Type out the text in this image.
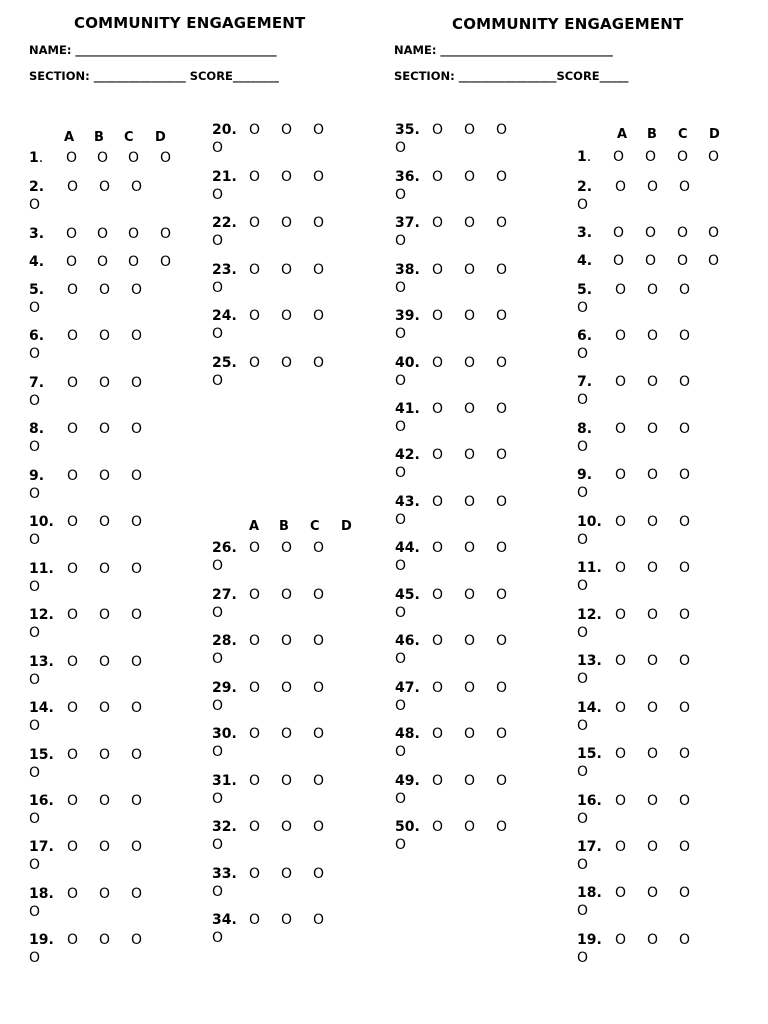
COMMUNITY ENGAGEMENT
NAME: ___________________________________
SECTION: ________________ SCORE________
COMMUNITY ENGAGEMENT
NAME: ______________________________
SECTION: _________________SCORE_____
A B C D
A B C D
A B C D
1. O O O O
2. O O O
O
3. O O O O
4. O O O O
5. O O O
O
6. O O O
O
7. O O O
O
8. O O O
O
9. O O O
O
10. O O O
O
11. O O O
O
12. O O O
O
13. O O O
O
14. O O O
O
15. O O O
O
16. O O O
O
17. O O O
O
18. O O O
O
19. O O O
O
20. O O O
O
21. O O O
O
22. O O O
O
23. O O O
O
24. O O O
O
25. O O O
O
26. O O O
O
27. O O O
O
28. O O O
O
29. O O O
O
30. O O O
O
31. O O O
O
32. O O O
O
33. O O O
O
34. O O O
O
35. O O O
O
36. O O O
O
37. O O O
O
38. O O O
O
39. O O O
O
40. O O O
O
41. O O O
O
42. O O O
O
43. O O O
O
44. O O O
O
45. O O O
O
46. O O O
O
47. O O O
O
48. O O O
O
49. O O O
O
50. O O O
O
1. O O O O
2. O O O
O
3. O O O O
4. O O O O
5. O O O
O
6. O O O
O
7. O O O
O
8. O O O
O
9. O O O
O
10. O O O
O
11. O O O
O
12. O O O
O
13. O O O
O
14. O O O
O
15. O O O
O
16. O O O
O
17. O O O
O
18. O O O
O
19. O O O
O
